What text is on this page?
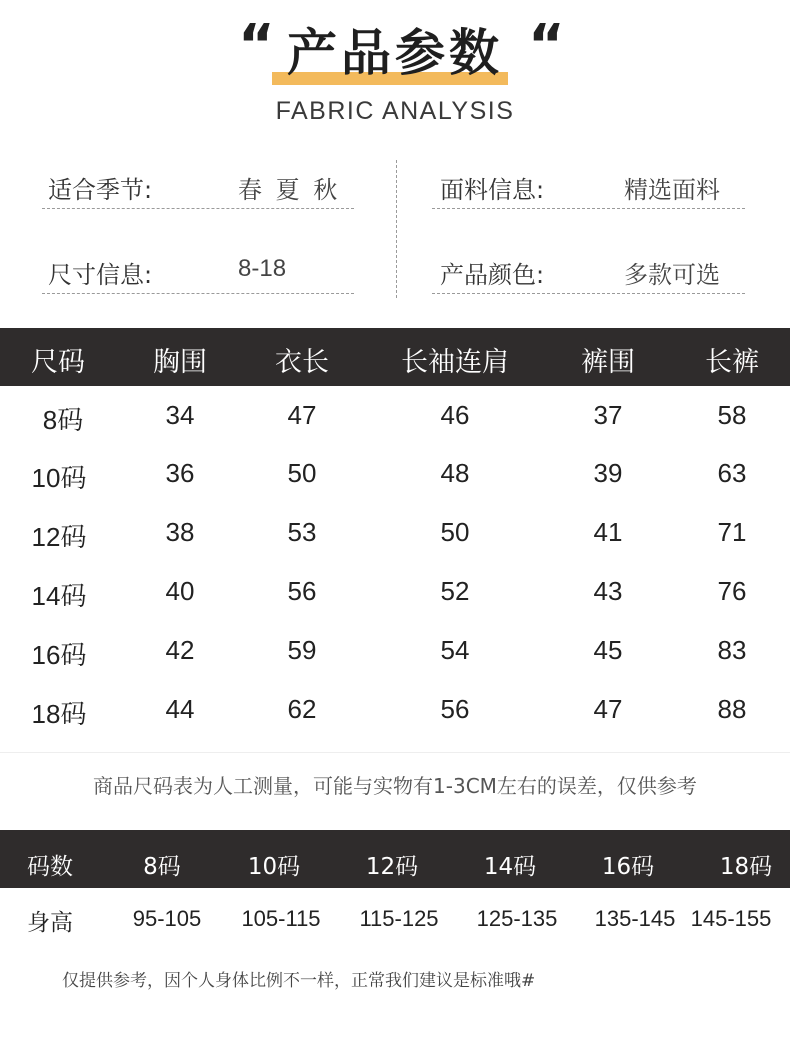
“	“
产品参数
FABRIC ANALYSIS
适合季节:	春 夏 秋	面料信息:	精选面料
尺寸信息:	8-18	产品颜色:	多款可选
尺码	胸围	衣长	长袖连肩	裤围	长裤
8码	34	47	46	37	58
10码	36	50	48	39	63
12码	38	53	50	41	71
14码	40	56	52	43	76
16码	42	59	54	45	83
18码	44	62	56	47	88
商品尺码表为人工测量，可能与实物有1-3CM左右的误差，仅供参考
码数	8码	10码	12码	14码	16码	18码
身高	95-105	105-115	115-125	125-135	135-145 145-155
仅提供参考，因个人身体比例不一样，正常我们建议是标准哦#
